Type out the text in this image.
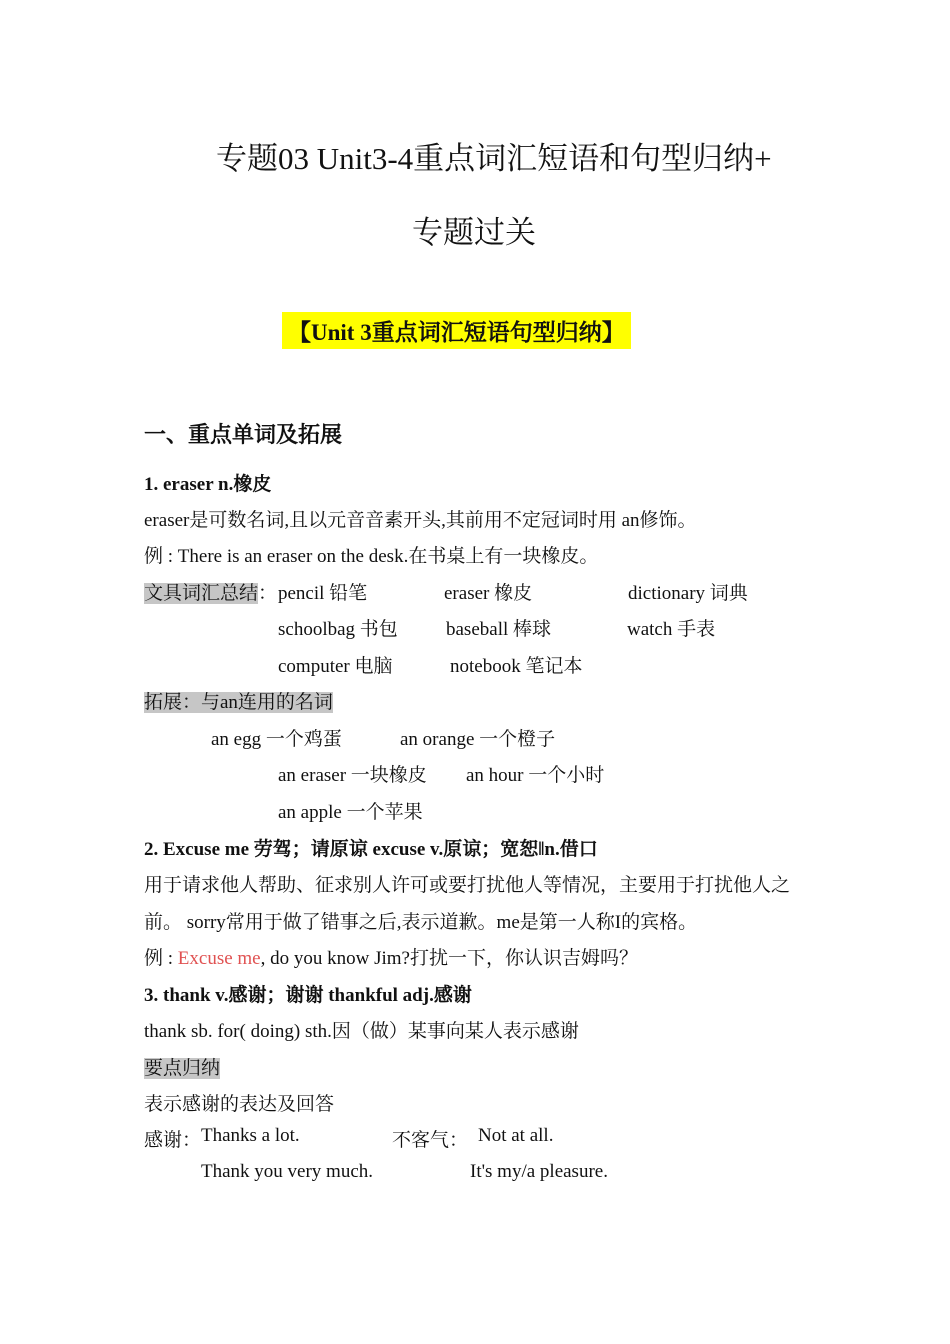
专题03 Unit3-4重点词汇短语和句型归纳+
专题过关
【Unit 3重点词汇短语句型归纳】
一、重点单词及拓展
1. eraser n.橡皮
eraser是可数名词,且以元音音素开头,其前用不定冠词时用 an修饰。
例 : There is an eraser on the desk.在书桌上有一块橡皮。
文具词汇总结： pencil 铅笔	eraser 橡皮	dictionary 词典
schoolbag 书包	baseball 棒球	watch 手表
computer 电脑	notebook 笔记本
拓展：与an连用的名词
an egg 一个鸡蛋	an orange 一个橙子
an eraser 一块橡皮 an hour 一个小时
an apple 一个苹果
2. Excuse me 劳驾；请原谅 excuse v.原谅；宽恕‖n.借口
用于请求他人帮助、征求别人许可或要打扰他人等情况，主要用于打扰他人之
前。 sorry常用于做了错事之后,表示道歉。me是第一人称I的宾格。
例 : Excuse me, do you know Jim?打扰一下，你认识吉姆吗？
3. thank v.感谢；谢谢 thankful adj.感谢
thank sb. for( doing) sth.因（做）某事向某人表示感谢
要点归纳
表示感谢的表达及回答
感谢： Thanks a lot.	不客气： Not at all.
Thank you very much.	It's my/a pleasure.
